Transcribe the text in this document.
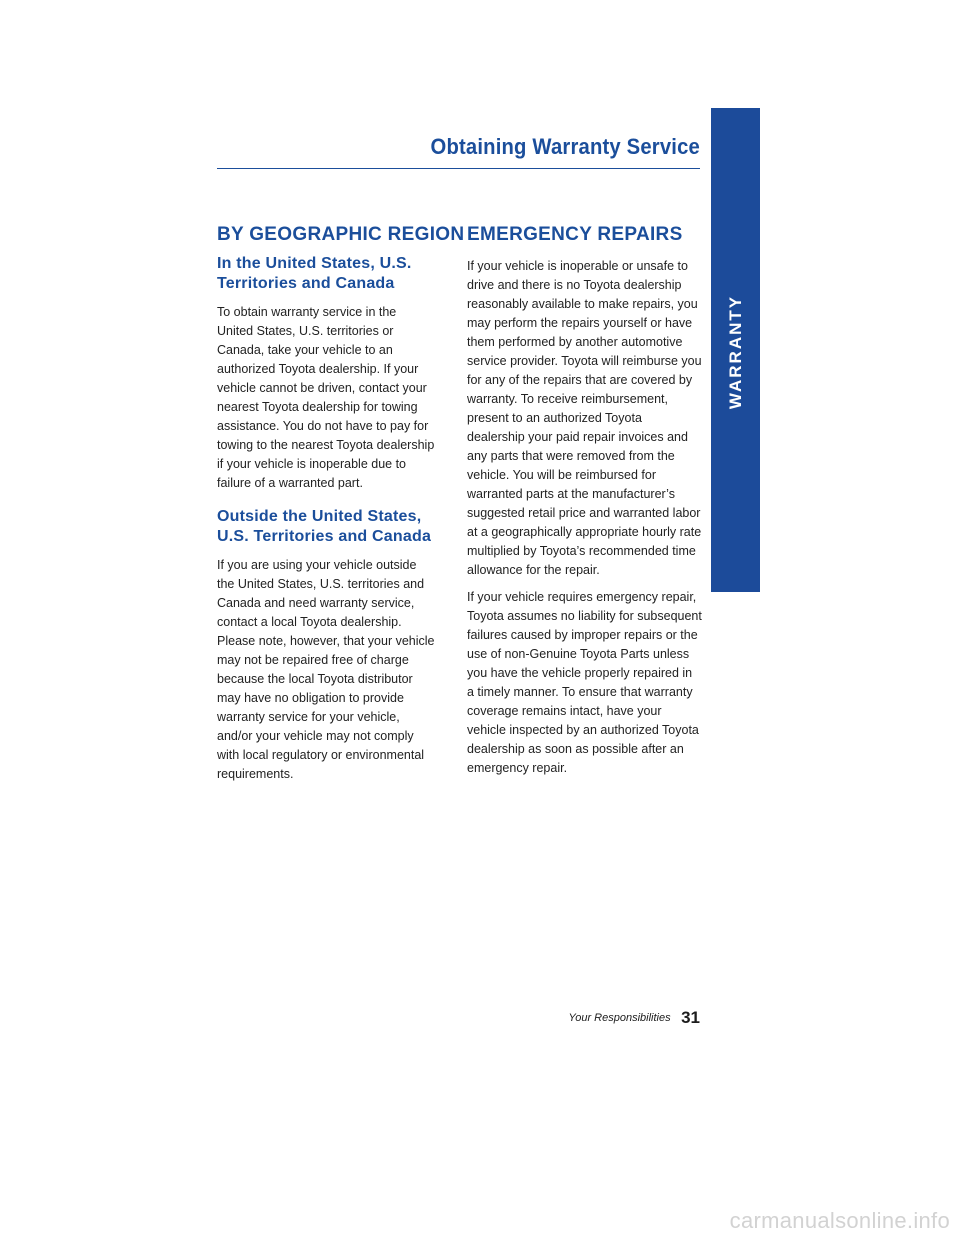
Obtaining Warranty Service
WARRANTY
BY GEOGRAPHIC REGION
In the United States, U.S. Territories and Canada

To obtain warranty service in the United States, U.S. territories or Canada, take your vehicle to an authorized Toyota dealership. If your vehicle cannot be driven, contact your nearest Toyota dealership for towing assistance. You do not have to pay for towing to the nearest Toyota dealership if your vehicle is inoperable due to failure of a warranted part.

Outside the United States, U.S. Territories and Canada

If you are using your vehicle outside the United States, U.S. territories and Canada and need warranty service, contact a local Toyota dealership. Please note, however, that your vehicle may not be repaired free of charge because the local Toyota distributor may have no obligation to provide warranty service for your vehicle, and/or your vehicle may not comply with local regulatory or environmental requirements.

EMERGENCY REPAIRS

If your vehicle is inoperable or unsafe to drive and there is no Toyota dealership reasonably available to make repairs, you may perform the repairs yourself or have them performed by another automotive service provider. Toyota will reimburse you for any of the repairs that are covered by warranty. To receive reimbursement, present to an authorized Toyota dealership your paid repair invoices and any parts that were removed from the vehicle. You will be reimbursed for warranted parts at the manufacturer’s suggested retail price and warranted labor at a geographically appropriate hourly rate multiplied by Toyota’s recommended time allowance for the repair.

If your vehicle requires emergency repair, Toyota assumes no liability for subsequent failures caused by improper repairs or the use of non-Genuine Toyota Parts unless you have the vehicle properly repaired in a timely manner. To ensure that warranty coverage remains intact, have your vehicle inspected by an authorized Toyota dealership as soon as possible after an emergency repair.

Your Responsibilities 31
carmanualsonline.info
